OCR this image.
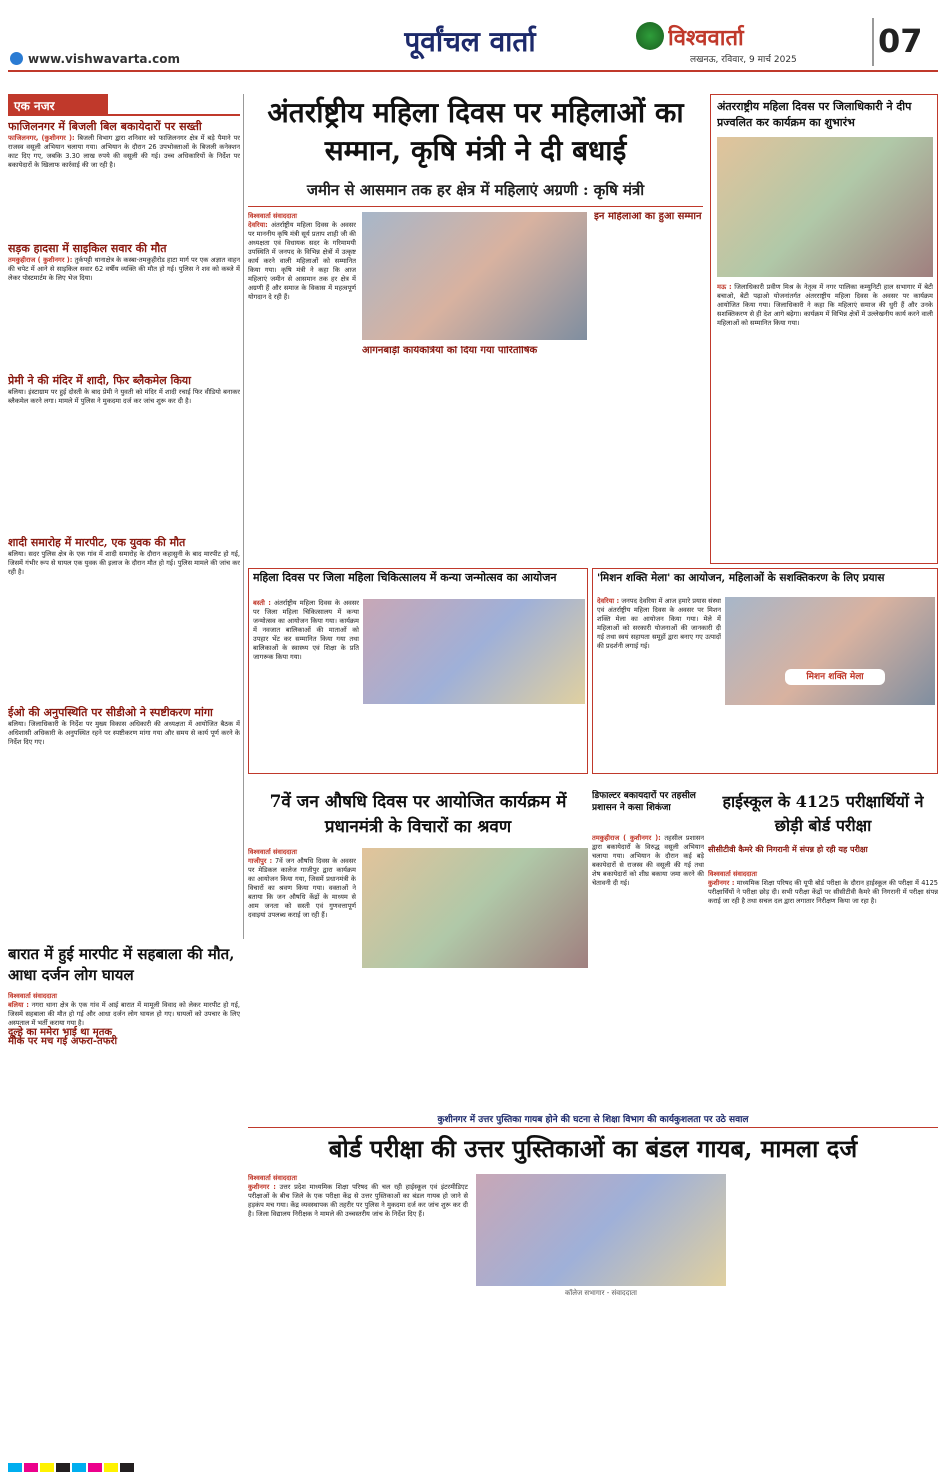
www.vishwavarta.com
पूर्वांचल वार्ता	विश्ववार्ता
लखनऊ, रविवार, 9 मार्च 2025	07
एक नजर
फाजिलनगर में बिजली बिल बकायेदारों पर सख्ती
फाजिलनगर, (कुशीनगर ): बिजली विभाग द्वारा शनिवार को फाजिलनगर क्षेत्र में बड़े पैमाने पर राजस्व वसूली अभियान चलाया गया। अभियान के दौरान 26 उपभोक्ताओं के बिजली कनेक्शन काट दिए गए, जबकि 3.30 लाख रुपये की वसूली की गई। उच्च अधिकारियों के निर्देश पर बकायेदारों के खिलाफ कार्रवाई की जा रही है।
सड़क हादसा में साइकिल सवार की मौत
तमकुहीराज ( कुशीनगर ): तुर्कपट्टी थानाक्षेत्र के कस्बा-तमकुहीरोड हाटा मार्ग पर एक अज्ञात वाहन की चपेट में आने से साइकिल सवार 62 वर्षीय व्यक्ति की मौत हो गई। पुलिस ने शव को कब्जे में लेकर पोस्टमार्टम के लिए भेज दिया।
प्रेमी ने की मंदिर में शादी, फिर ब्लैकमेल किया
बलिया। इंस्टाग्राम पर हुई दोस्ती के बाद प्रेमी ने युवती को मंदिर में शादी रचाई फिर वीडियो बनाकर ब्लैकमेल करने लगा। मामले में पुलिस ने मुकदमा दर्ज कर जांच शुरू कर दी है।
शादी समारोह में मारपीट, एक युवक की मौत
बलिया। सदर पुलिस क्षेत्र के एक गांव में शादी समारोह के दौरान कहासुनी के बाद मारपीट हो गई, जिसमें गंभीर रूप से घायल एक युवक की इलाज के दौरान मौत हो गई। पुलिस मामले की जांच कर रही है।
ईओ की अनुपस्थिति पर सीडीओ ने स्पष्टीकरण मांगा
बलिया। जिलाधिकारी के निर्देश पर मुख्य विकास अधिकारी की अध्यक्षता में आयोजित बैठक में अधिशासी अधिकारी के अनुपस्थित रहने पर स्पष्टीकरण मांगा गया और समय से कार्य पूर्ण करने के निर्देश दिए गए।
अंतर्राष्ट्रीय महिला दिवस पर महिलाओं का सम्मान, कृषि मंत्री ने दी बधाई
जमीन से आसमान तक हर क्षेत्र में महिलाएं अग्रणी : कृषि मंत्री
विश्ववार्ता संवाददाता
देवरिया: अंतर्राष्ट्रीय महिला दिवस के अवसर पर माननीय कृषि मंत्री सूर्य प्रताप शाही जी की अध्यक्षता एवं विधायक सदर के गरिमामयी उपस्थिति में जनपद के विभिन्न क्षेत्रों में उत्कृष्ट कार्य करने वाली महिलाओं को सम्मानित किया गया। कृषि मंत्री ने कहा कि आज महिलाएं जमीन से आसमान तक हर क्षेत्र में अग्रणी हैं और समाज के विकास में महत्वपूर्ण योगदान दे रही हैं।
आंगनबाड़ी कार्यकर्त्रियों को दिया गया पारितोषिक
इन महिलाओं का हुआ सम्मान
अंतरराष्ट्रीय महिला दिवस पर जिलाधिकारी ने दीप प्रज्वलित कर कार्यक्रम का शुभारंभ
मऊ : जिलाधिकारी प्रवीण मिश्र के नेतृत्व में नगर पालिका कम्युनिटी हाल सभागार में बेटी बचाओ, बेटी पढ़ाओ योजनांतर्गत अंतरराष्ट्रीय महिला दिवस के अवसर पर कार्यक्रम आयोजित किया गया। जिलाधिकारी ने कहा कि महिलाएं समाज की धुरी हैं और उनके सशक्तिकरण से ही देश आगे बढ़ेगा। कार्यक्रम में विभिन्न क्षेत्रों में उल्लेखनीय कार्य करने वाली महिलाओं को सम्मानित किया गया।
महिला दिवस पर जिला महिला चिकित्सालय में कन्या जन्मोत्सव का आयोजन
बस्ती : अंतर्राष्ट्रीय महिला दिवस के अवसर पर जिला महिला चिकित्सालय में कन्या जन्मोत्सव का आयोजन किया गया। कार्यक्रम में नवजात बालिकाओं की माताओं को उपहार भेंट कर सम्मानित किया गया तथा बालिकाओं के स्वास्थ्य एवं शिक्षा के प्रति जागरूक किया गया।
'मिशन शक्ति मेला' का आयोजन, महिलाओं के सशक्तिकरण के लिए प्रयास
देवरिया : जनपद देवरिया में आज हमारे प्रयास संस्था एवं अंतर्राष्ट्रीय महिला दिवस के अवसर पर मिशन शक्ति मेला का आयोजन किया गया। मेले में महिलाओं को सरकारी योजनाओं की जानकारी दी गई तथा स्वयं सहायता समूहों द्वारा बनाए गए उत्पादों की प्रदर्शनी लगाई गई।
मिशन शक्ति मेला
7वें जन औषधि दिवस पर आयोजित कार्यक्रम में प्रधानमंत्री के विचारों का श्रवण
विश्ववार्ता संवाददाता
गाजीपुर : 7वें जन औषधि दिवस के अवसर पर मेडिकल कालेज गाजीपुर द्वारा कार्यक्रम का आयोजन किया गया, जिसमें प्रधानमंत्री के विचारों का श्रवण किया गया। वक्ताओं ने बताया कि जन औषधि केंद्रों के माध्यम से आम जनता को सस्ती एवं गुणवत्तापूर्ण दवाइयां उपलब्ध कराई जा रही हैं।
डिफाल्टर बकायदारों पर तहसील प्रशासन ने कसा शिकंजा
तमकुहीराज ( कुशीनगर ): तहसील प्रशासन द्वारा बकायेदारों के विरुद्ध वसूली अभियान चलाया गया। अभियान के दौरान कई बड़े बकायेदारों से राजस्व की वसूली की गई तथा शेष बकायेदारों को शीघ्र बकाया जमा करने की चेतावनी दी गई।
हाईस्कूल के 4125 परीक्षार्थियों ने छोड़ी बोर्ड परीक्षा
सीसीटीवी कैमरे की निगरानी में संपन्न हो रही यह परीक्षा
विश्ववार्ता संवाददाता
कुशीनगर : माध्यमिक शिक्षा परिषद की यूपी बोर्ड परीक्षा के दौरान हाईस्कूल की परीक्षा में 4125 परीक्षार्थियों ने परीक्षा छोड़ दी। सभी परीक्षा केंद्रों पर सीसीटीवी कैमरे की निगरानी में परीक्षा संपन्न कराई जा रही है तथा सचल दल द्वारा लगातार निरीक्षण किया जा रहा है।
बारात में हुई मारपीट में सहबाला की मौत, आधा दर्जन लोग घायल
विश्ववार्ता संवाददाता
बलिया : नगरा थाना क्षेत्र के एक गांव में आई बारात में मामूली विवाद को लेकर मारपीट हो गई, जिसमें सहबाला की मौत हो गई और आधा दर्जन लोग घायल हो गए। घायलों को उपचार के लिए अस्पताल में भर्ती कराया गया है।
दूल्हे का ममेरा भाई था मृतक
मौके पर मच गई अफरा-तफरी
कुशीनगर में उत्तर पुस्तिका गायब होने की घटना से शिक्षा विभाग की कार्यकुशलता पर उठे सवाल
बोर्ड परीक्षा की उत्तर पुस्तिकाओं का बंडल गायब, मामला दर्ज
विश्ववार्ता संवाददाता
कुशीनगर : उत्तर प्रदेश माध्यमिक शिक्षा परिषद की चल रही हाईस्कूल एवं इंटरमीडिएट परीक्षाओं के बीच जिले के एक परीक्षा केंद्र से उत्तर पुस्तिकाओं का बंडल गायब हो जाने से हड़कंप मच गया। केंद्र व्यवस्थापक की तहरीर पर पुलिस ने मुकदमा दर्ज कर जांच शुरू कर दी है। जिला विद्यालय निरीक्षक ने मामले की उच्चस्तरीय जांच के निर्देश दिए हैं।
कॉलेज सभागार - संवाददाता
